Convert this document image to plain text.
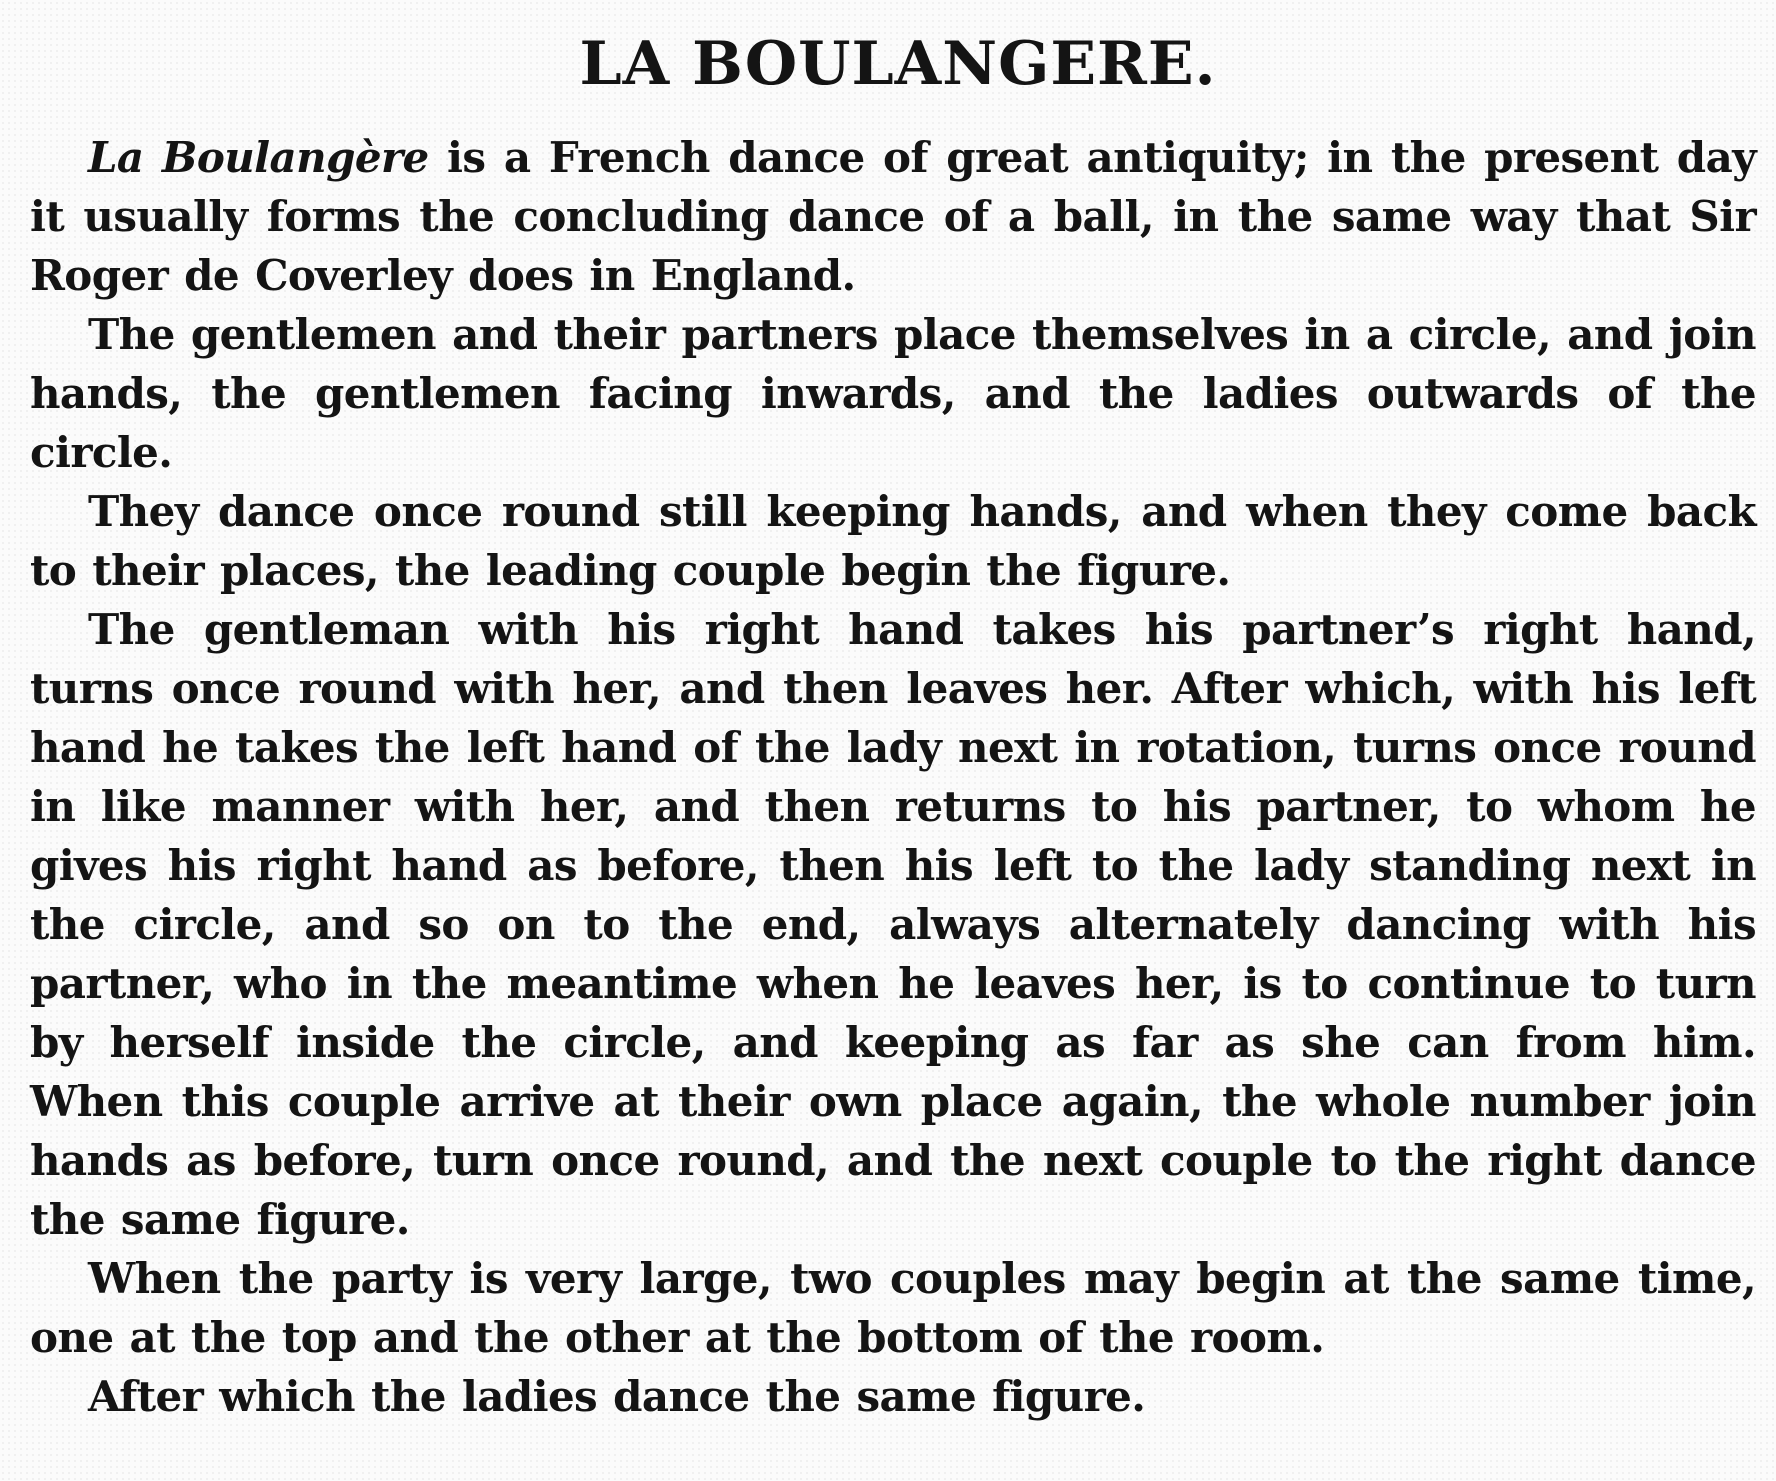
LA BOULANGERE.

La Boulangère is a French dance of great antiquity; in the present day it usually forms the concluding dance of a ball, in the same way that Sir Roger de Coverley does in England.

The gentlemen and their partners place themselves in a circle, and join hands, the gentlemen facing inwards, and the ladies outwards of the circle.

They dance once round still keeping hands, and when they come back to their places, the leading couple begin the figure.

The gentleman with his right hand takes his partner’s right hand, turns once round with her, and then leaves her. After which, with his left hand he takes the left hand of the lady next in rotation, turns once round in like manner with her, and then returns to his partner, to whom he gives his right hand as before, then his left to the lady standing next in the circle, and so on to the end, always alternately dancing with his partner, who in the meantime when he leaves her, is to continue to turn by herself inside the circle, and keeping as far as she can from him. When this couple arrive at their own place again, the whole number join hands as before, turn once round, and the next couple to the right dance the same figure.

When the party is very large, two couples may begin at the same time, one at the top and the other at the bottom of the room.

After which the ladies dance the same figure.
